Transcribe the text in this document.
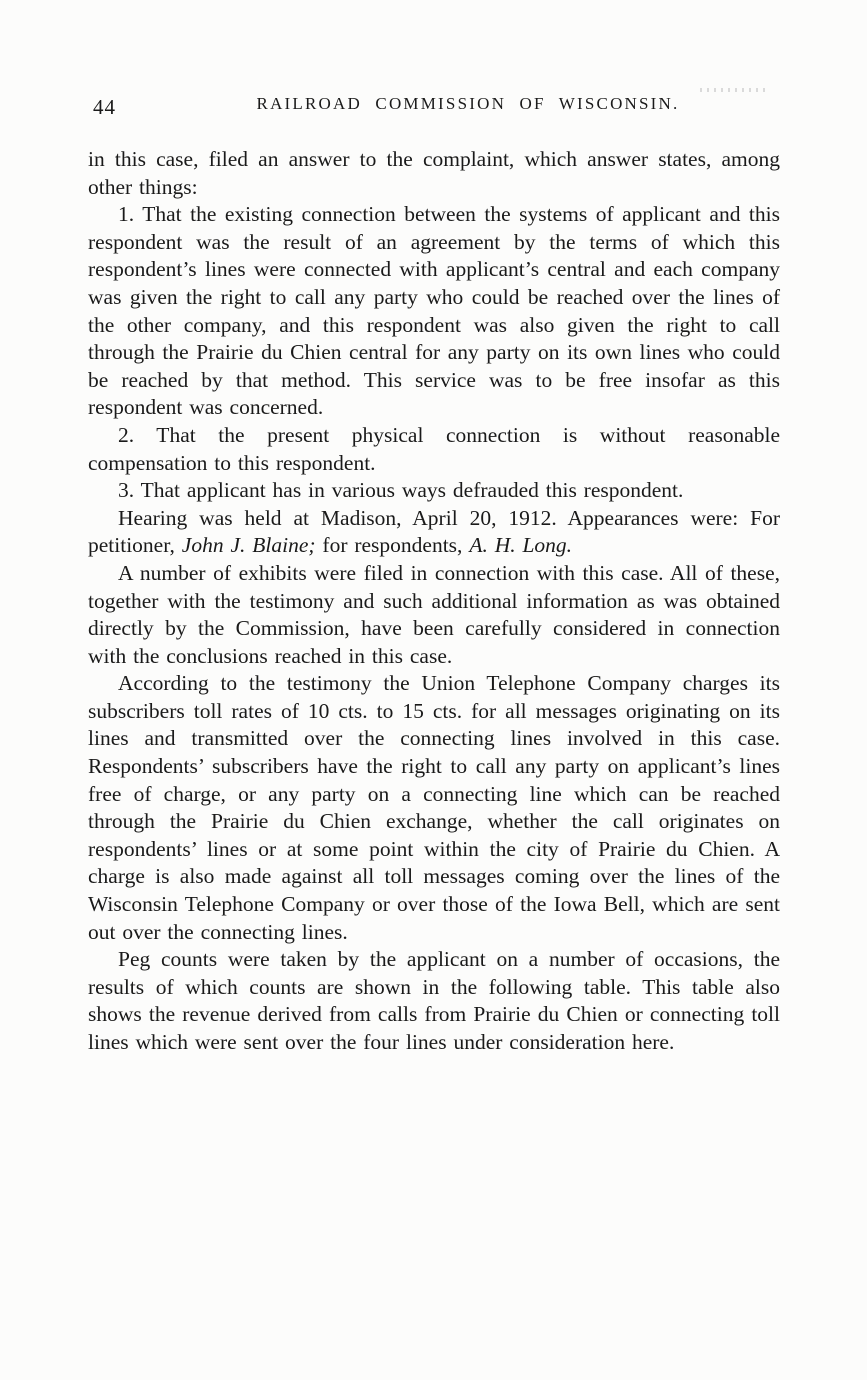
44	RAILROAD COMMISSION OF WISCONSIN.

in this case, filed an answer to the complaint, which answer states, among other things:

1. That the existing connection between the systems of applicant and this respondent was the result of an agreement by the terms of which this respondent’s lines were connected with applicant’s central and each company was given the right to call any party who could be reached over the lines of the other company, and this respondent was also given the right to call through the Prairie du Chien central for any party on its own lines who could be reached by that method. This service was to be free insofar as this respondent was concerned.

2. That the present physical connection is without reasonable compensation to this respondent.

3. That applicant has in various ways defrauded this respondent.

Hearing was held at Madison, April 20, 1912. Appearances were: For petitioner, John J. Blaine; for respondents, A. H. Long.

A number of exhibits were filed in connection with this case. All of these, together with the testimony and such additional information as was obtained directly by the Commission, have been carefully considered in connection with the conclusions reached in this case.

According to the testimony the Union Telephone Company charges its subscribers toll rates of 10 cts. to 15 cts. for all messages originating on its lines and transmitted over the connecting lines involved in this case. Respondents’ subscribers have the right to call any party on applicant’s lines free of charge, or any party on a connecting line which can be reached through the Prairie du Chien exchange, whether the call originates on respondents’ lines or at some point within the city of Prairie du Chien. A charge is also made against all toll messages coming over the lines of the Wisconsin Telephone Company or over those of the Iowa Bell, which are sent out over the connecting lines.

Peg counts were taken by the applicant on a number of occasions, the results of which counts are shown in the following table. This table also shows the revenue derived from calls from Prairie du Chien or connecting toll lines which were sent over the four lines under consideration here.
